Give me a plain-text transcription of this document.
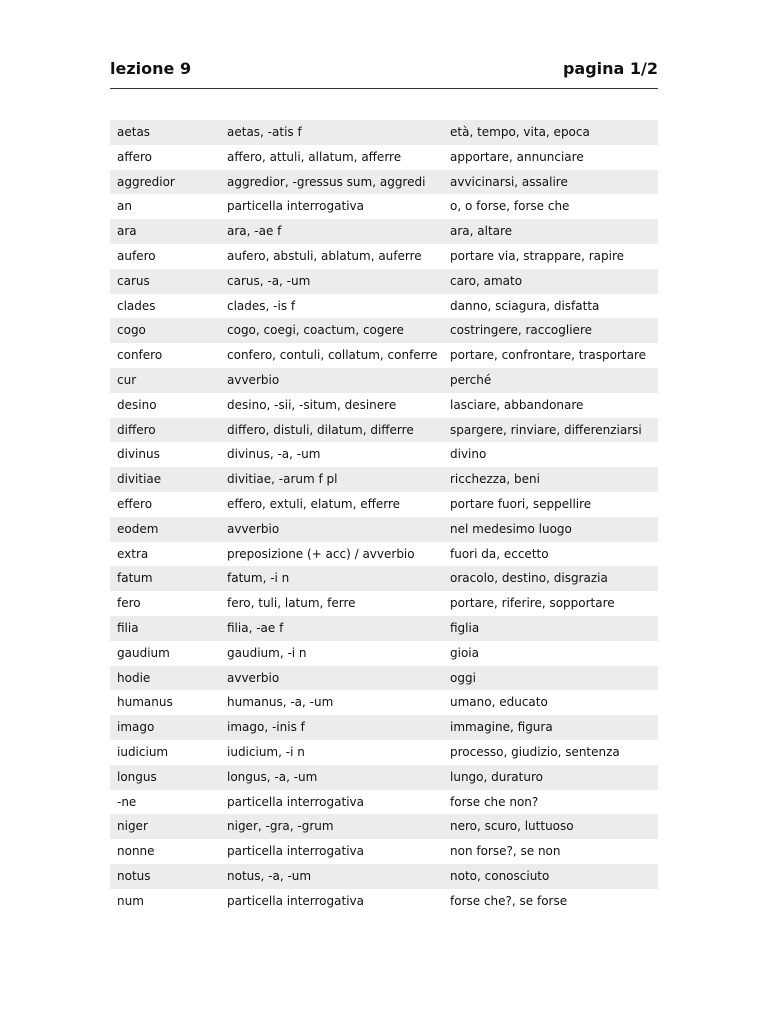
lezione 9	pagina 1/2
aetas	aetas, -atis f	età, tempo, vita, epoca
affero	affero, attuli, allatum, afferre	apportare, annunciare
aggredior	aggredior, -gressus sum, aggredi	avvicinarsi, assalire
an	particella interrogativa	o, o forse, forse che
ara	ara, -ae f	ara, altare
aufero	aufero, abstuli, ablatum, auferre	portare via, strappare, rapire
carus	carus, -a, -um	caro, amato
clades	clades, -is f	danno, sciagura, disfatta
cogo	cogo, coegi, coactum, cogere	costringere, raccogliere
confero	confero, contuli, collatum, conferre	portare, confrontare, trasportare
cur	avverbio	perché
desino	desino, -sii, -situm, desinere	lasciare, abbandonare
differo	differo, distuli, dilatum, differre	spargere, rinviare, differenziarsi
divinus	divinus, -a, -um	divino
divitiae	divitiae, -arum f pl	ricchezza, beni
effero	effero, extuli, elatum, efferre	portare fuori, seppellire
eodem	avverbio	nel medesimo luogo
extra	preposizione (+ acc) / avverbio	fuori da, eccetto
fatum	fatum, -i n	oracolo, destino, disgrazia
fero	fero, tuli, latum, ferre	portare, riferire, sopportare
filia	filia, -ae f	figlia
gaudium	gaudium, -i n	gioia
hodie	avverbio	oggi
humanus	humanus, -a, -um	umano, educato
imago	imago, -inis f	immagine, figura
iudicium	iudicium, -i n	processo, giudizio, sentenza
longus	longus, -a, -um	lungo, duraturo
-ne	particella interrogativa	forse che non?
niger	niger, -gra, -grum	nero, scuro, luttuoso
nonne	particella interrogativa	non forse?, se non
notus	notus, -a, -um	noto, conosciuto
num	particella interrogativa	forse che?, se forse
